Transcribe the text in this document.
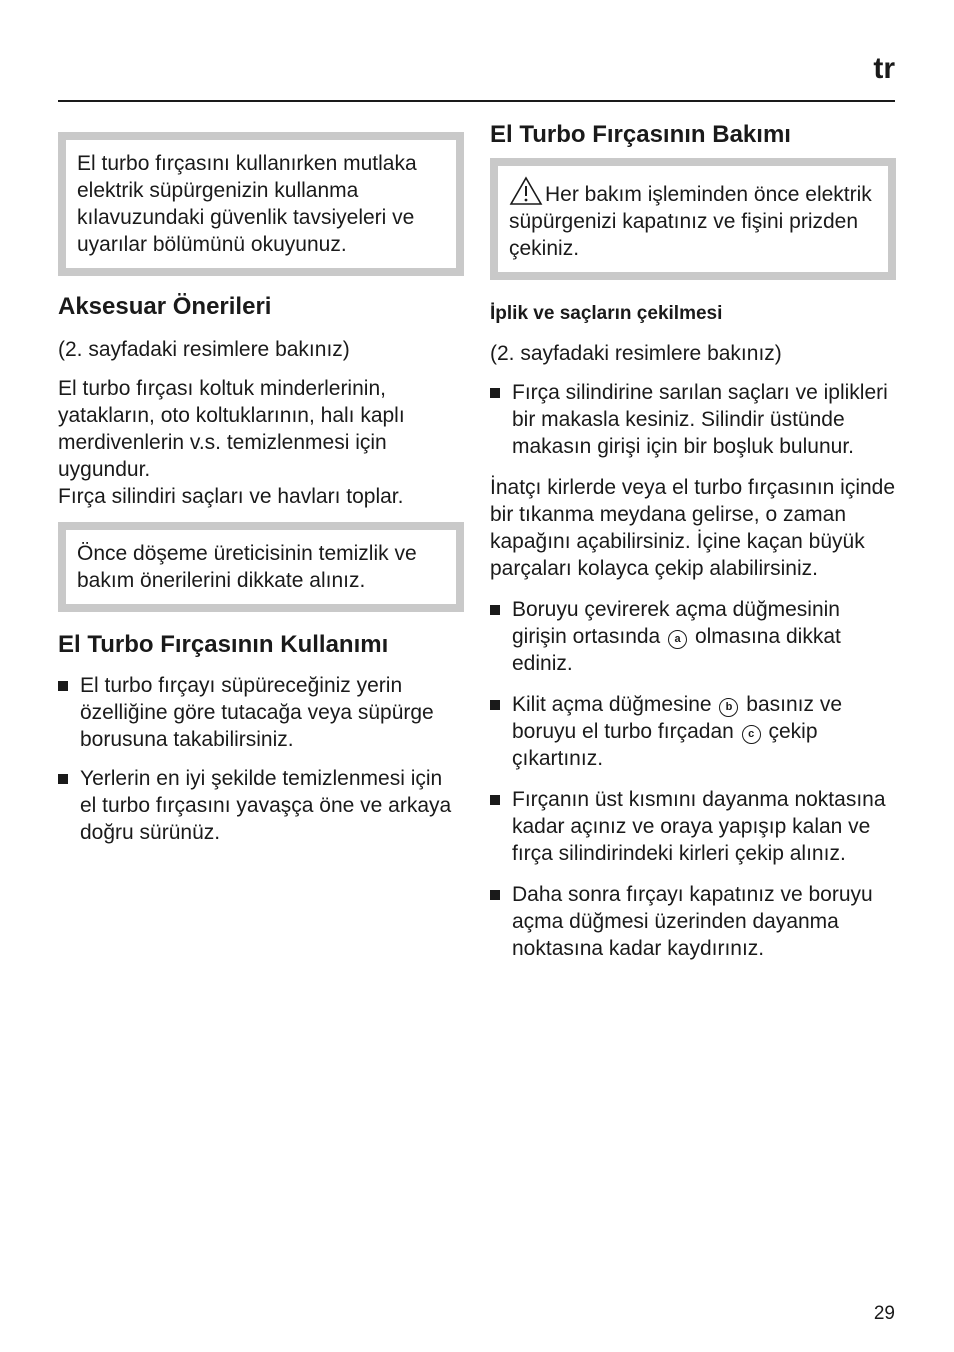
tr
El turbo fırçasını kullanırken mutlaka elektrik süpürgenizin kullanma kılavuzundaki güvenlik tavsiyeleri ve uyarılar bölümünü okuyunuz.
Aksesuar Önerileri

(2. sayfadaki resimlere bakınız)

El turbo fırçası koltuk minderlerinin, yatakların, oto koltuklarının, halı kaplı merdivenlerin v.s. temizlenmesi için uygundur.

Fırça silindiri saçları ve havları toplar.

Önce döşeme üreticisinin temizlik ve bakım önerilerini dikkate alınız.
El Turbo Fırçasının Kullanımı
El turbo fırçayı süpüreceğiniz yerin özelliğine göre tutacağa veya süpürge borusuna takabilirsiniz.
Yerlerin en iyi şekilde temizlenmesi için el turbo fırçasını yavaşça öne ve arkaya doğru sürünüz.
El Turbo Fırçasının Bakımı
Her bakım işleminden önce elektrik süpürgenizi kapatınız ve fişini prizden çekiniz.
İplik ve saçların çekilmesi

(2. sayfadaki resimlere bakınız)

Fırça silindirine sarılan saçları ve iplikleri bir makasla kesiniz. Silindir üstünde makasın girişi için bir boşluk bulunur.

İnatçı kirlerde veya el turbo fırçasının içinde bir tıkanma meydana gelirse, o zaman kapağını açabilirsiniz. İçine kaçan büyük parçaları kolayca çekip alabilirsiniz.

Boruyu çevirerek açma düğmesinin girişin ortasında a olmasına dikkat ediniz.
Kilit açma düğmesine b basınız ve boruyu el turbo fırçadan c çekip çıkartınız.
Fırçanın üst kısmını dayanma noktasına kadar açınız ve oraya yapışıp kalan ve fırça silindirindeki kirleri çekip alınız.
Daha sonra fırçayı kapatınız ve boruyu açma düğmesi üzerinden dayanma noktasına kadar kaydırınız.
29
